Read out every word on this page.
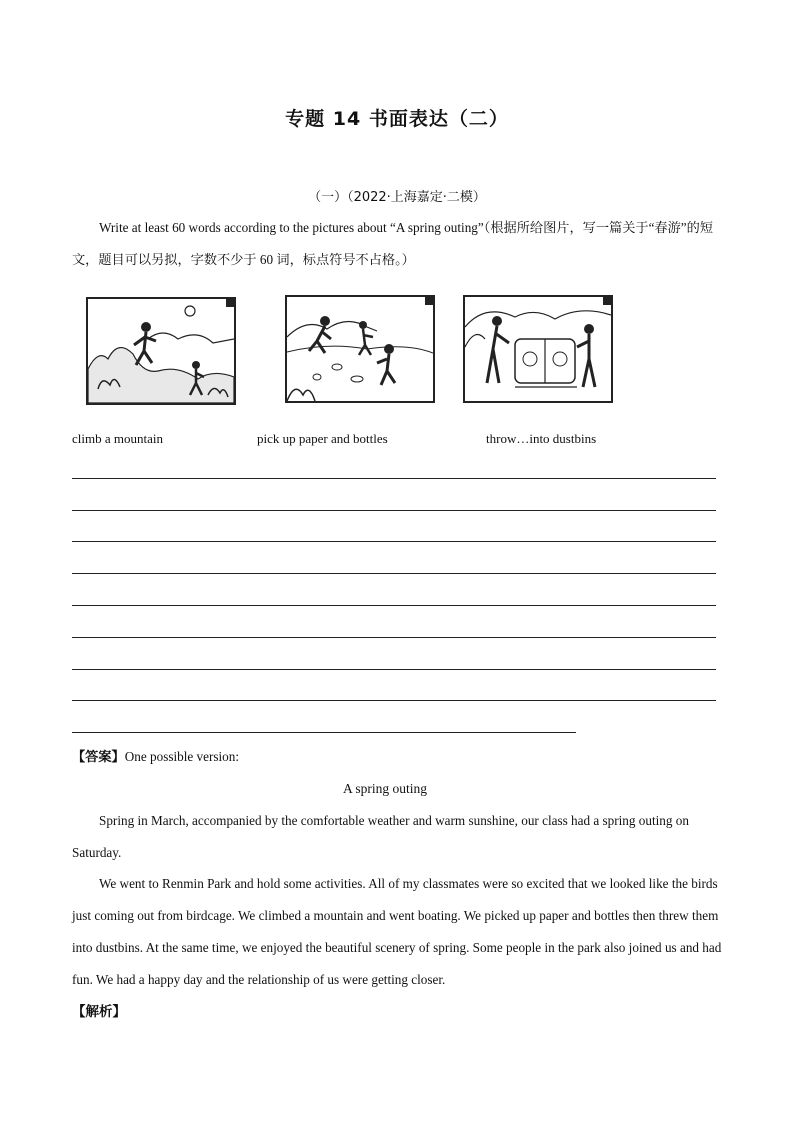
专题 14 书面表达（二）
（一）（2022·上海嘉定·二模）
Write at least 60 words according to the pictures about “A spring outing”（根据所给图片，写一篇关于“春游”的短文，题目可以另拟，字数不少于 60 词，标点符号不占格。）
climb a mountain	pick up paper and bottles	throw…into dustbins
【答案】One possible version:
A spring outing
Spring in March, accompanied by the comfortable weather and warm sunshine, our class had a spring outing on Saturday.
We went to Renmin Park and hold some activities. All of my classmates were so excited that we looked like the birds just coming out from birdcage. We climbed a mountain and went boating. We picked up paper and bottles then threw them into dustbins. At the same time, we enjoyed the beautiful scenery of spring. Some people in the park also joined us and had fun. We had a happy day and the relationship of us were getting closer.
【解析】
